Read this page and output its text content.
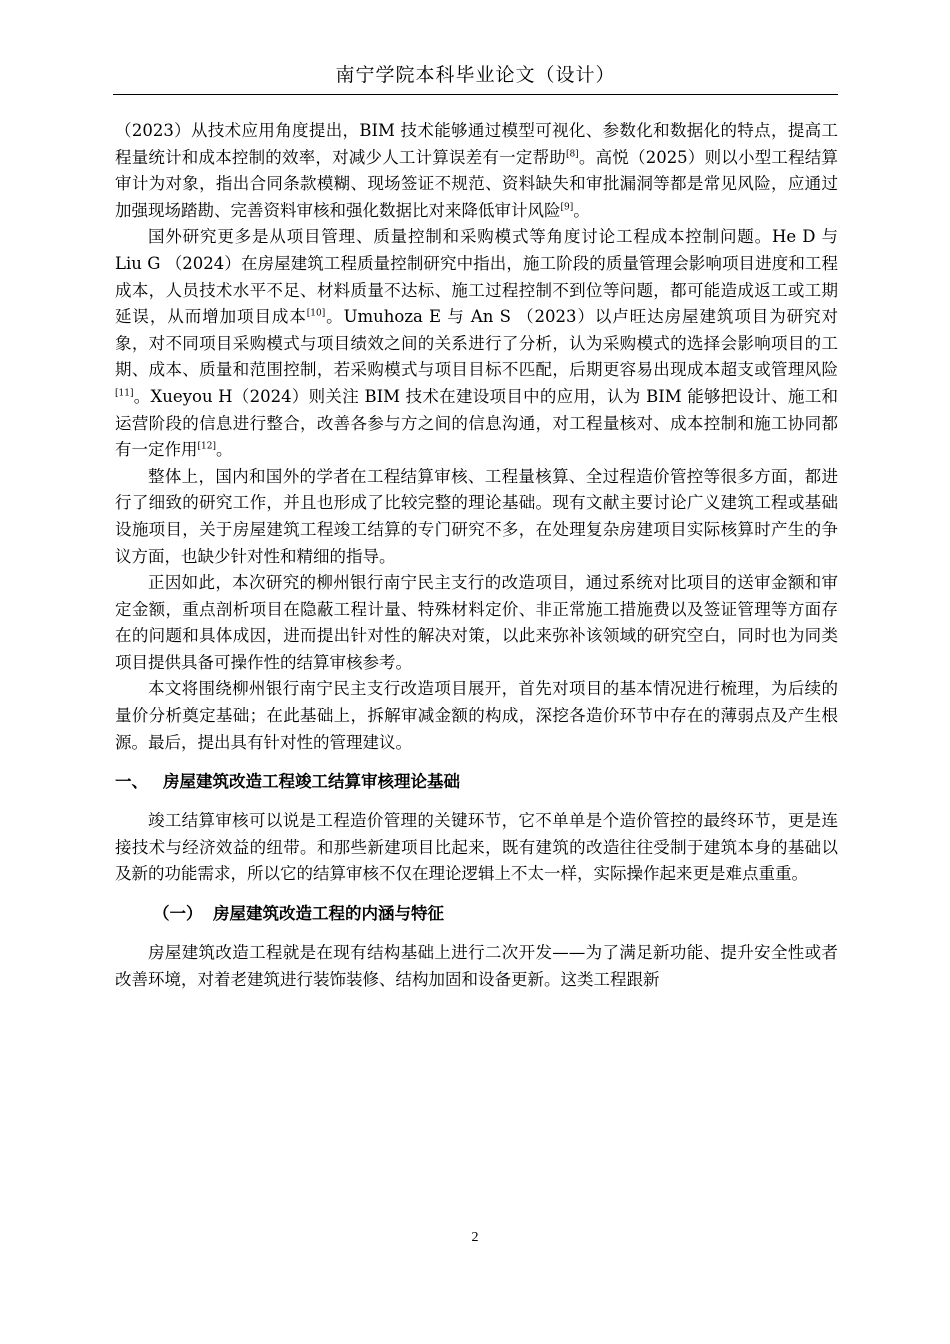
南宁学院本科毕业论文（设计）

（2023）从技术应用角度提出，BIM 技术能够通过模型可视化、参数化和数据化的特点，提高工程量统计和成本控制的效率，对减少人工计算误差有一定帮助[8]。高悦（2025）则以小型工程结算审计为对象，指出合同条款模糊、现场签证不规范、资料缺失和审批漏洞等都是常见风险，应通过加强现场踏勘、完善资料审核和强化数据比对来降低审计风险[9]。

国外研究更多是从项目管理、质量控制和采购模式等角度讨论工程成本控制问题。He D 与 Liu G （2024）在房屋建筑工程质量控制研究中指出，施工阶段的质量管理会影响项目进度和工程成本，人员技术水平不足、材料质量不达标、施工过程控制不到位等问题，都可能造成返工或工期延误，从而增加项目成本[10]。Umuhoza E 与 An S （2023）以卢旺达房屋建筑项目为研究对象，对不同项目采购模式与项目绩效之间的关系进行了分析，认为采购模式的选择会影响项目的工期、成本、质量和范围控制，若采购模式与项目目标不匹配，后期更容易出现成本超支或管理风险[11]。Xueyou H（2024）则关注 BIM 技术在建设项目中的应用，认为 BIM 能够把设计、施工和运营阶段的信息进行整合，改善各参与方之间的信息沟通，对工程量核对、成本控制和施工协同都有一定作用[12]。

整体上，国内和国外的学者在工程结算审核、工程量核算、全过程造价管控等很多方面，都进行了细致的研究工作，并且也形成了比较完整的理论基础。现有文献主要讨论广义建筑工程或基础设施项目，关于房屋建筑工程竣工结算的专门研究不多，在处理复杂房建项目实际核算时产生的争议方面，也缺少针对性和精细的指导。

正因如此，本次研究的柳州银行南宁民主支行的改造项目，通过系统对比项目的送审金额和审定金额，重点剖析项目在隐蔽工程计量、特殊材料定价、非正常施工措施费以及签证管理等方面存在的问题和具体成因，进而提出针对性的解决对策，以此来弥补该领域的研究空白，同时也为同类项目提供具备可操作性的结算审核参考。

本文将围绕柳州银行南宁民主支行改造项目展开，首先对项目的基本情况进行梳理，为后续的量价分析奠定基础；在此基础上，拆解审减金额的构成，深挖各造价环节中存在的薄弱点及产生根源。最后，提出具有针对性的管理建议。

一、 房屋建筑改造工程竣工结算审核理论基础

竣工结算审核可以说是工程造价管理的关键环节，它不单单是个造价管控的最终环节，更是连接技术与经济效益的纽带。和那些新建项目比起来，既有建筑的改造往往受制于建筑本身的基础以及新的功能需求，所以它的结算审核不仅在理论逻辑上不太一样，实际操作起来更是难点重重。

（一） 房屋建筑改造工程的内涵与特征

房屋建筑改造工程就是在现有结构基础上进行二次开发——为了满足新功能、提升安全性或者改善环境，对着老建筑进行装饰装修、结构加固和设备更新。这类工程跟新

2
